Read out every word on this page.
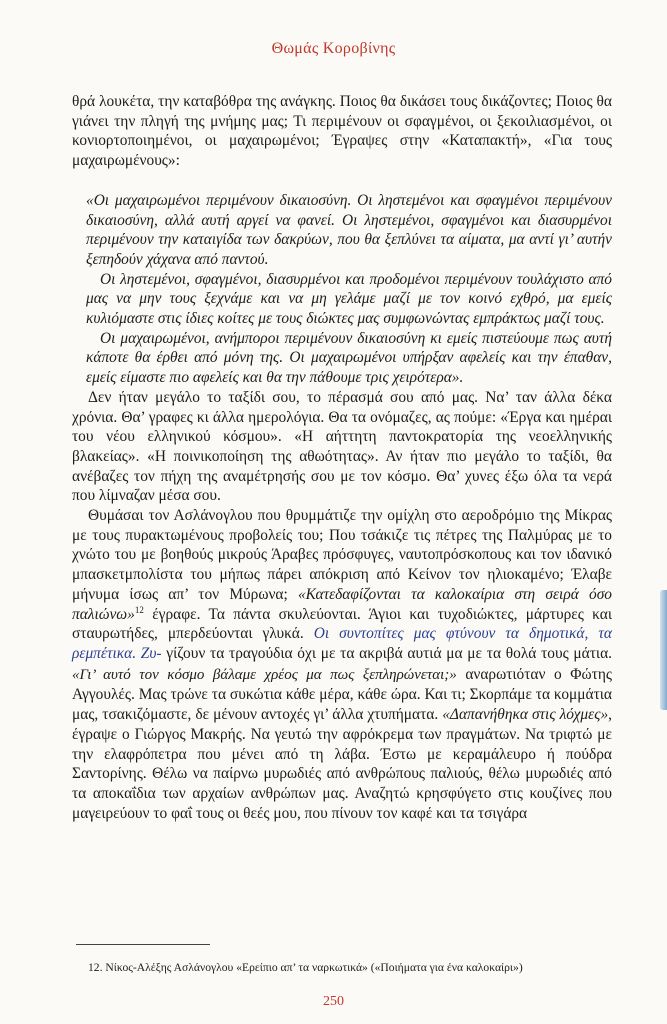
Θωμάς Κοροβίνης

θρά λουκέτα, την καταβόθρα της ανάγκης. Ποιος θα δικάσει τους δικάζοντες; Ποιος θα γιάνει την πληγή της μνήμης μας; Τι περιμένουν οι σφαγμένοι, οι ξεκοιλιασμένοι, οι κονιορτοποιημένοι, οι μαχαιρωμένοι; Έγραψες στην «Καταπακτή», «Για τους μαχαιρωμένους»:

«Οι μαχαιρωμένοι περιμένουν δικαιοσύνη. Οι ληστεμένοι και σφαγμένοι περιμένουν δικαιοσύνη, αλλά αυτή αργεί να φανεί. Οι ληστεμένοι, σφαγμένοι και διασυρμένοι περιμένουν την καταιγίδα των δακρύων, που θα ξεπλύνει τα αίματα, μα αντί γι’ αυτήν ξεπηδούν χάχανα από παντού.

Οι ληστεμένοι, σφαγμένοι, διασυρμένοι και προδομένοι περιμένουν τουλάχιστο από μας να μην τους ξεχνάμε και να μη γελάμε μαζί με τον κοινό εχθρό, μα εμείς κυλιόμαστε στις ίδιες κοίτες με τους διώκτες μας συμφωνώντας εμπράκτως μαζί τους.

Οι μαχαιρωμένοι, ανήμποροι περιμένουν δικαιοσύνη κι εμείς πιστεύουμε πως αυτή κάποτε θα έρθει από μόνη της. Οι μαχαιρωμένοι υπήρξαν αφελείς και την έπαθαν, εμείς είμαστε πιο αφελείς και θα την πάθουμε τρις χειρότερα».

Δεν ήταν μεγάλο το ταξίδι σου, το πέρασμά σου από μας. Να’ ταν άλλα δέκα χρόνια. Θα’ γραφες κι άλλα ημερολόγια. Θα τα ονόμαζες, ας πούμε: «Έργα και ημέραι του νέου ελληνικού κόσμου». «Η αήττητη παντοκρατορία της νεοελληνικής βλακείας». «Η ποινικοποίηση της αθωότητας». Αν ήταν πιο μεγάλο το ταξίδι, θα ανέβαζες τον πήχη της αναμέτρησής σου με τον κόσμο. Θα’ χυνες έξω όλα τα νερά που λίμναζαν μέσα σου.

Θυμάσαι τον Ασλάνογλου που θρυμμάτιζε την ομίχλη στο αεροδρόμιο της Μίκρας με τους πυρακτωμένους προβολείς του; Που τσάκιζε τις πέτρες της Παλμύρας με το χνώτο του με βοηθούς μικρούς Άραβες πρόσφυγες, ναυτοπρόσκοπους και τον ιδανικό μπασκετμπολίστα του μήπως πάρει απόκριση από Κείνον τον ηλιοκαμένο; Έλαβε μήνυμα ίσως απ’ τον Μύρωνα; «Κατεδαφίζονται τα καλοκαίρια στη σειρά όσο παλιώνω»$^{12}$ έγραφε. Τα πάντα σκυλεύονται. Άγιοι και τυχοδιώκτες, μάρτυρες και σταυρωτήδες, μπερδεύονται γλυκά. Οι συντοπίτες μας φτύνουν τα δημοτικά, τα ρεμπέτικα. Ζυ- γίζουν τα τραγούδια όχι με τα ακριβά αυτιά μα με τα θολά τους μάτια. «Γι’ αυτό τον κόσμο βάλαμε χρέος μα πως ξεπληρώνεται;» αναρωτιόταν ο Φώτης Αγγουλές. Μας τρώνε τα συκώτια κάθε μέρα, κάθε ώρα. Και τι; Σκορπάμε τα κομμάτια μας, τσακιζόμαστε, δε μένουν αντοχές γι’ άλλα χτυπήματα. «Δαπανήθηκα στις λόχμες», έγραψε ο Γιώργος Μακρής. Να γευτώ την αφρόκρεμα των πραγμάτων. Να τριφτώ με την ελαφρόπετρα που μένει από τη λάβα. Έστω με κεραμάλευρο ή πούδρα Σαντορίνης. Θέλω να παίρνω μυρωδιές από ανθρώπους παλιούς, θέλω μυρωδιές από τα αποκαΐδια των αρχαίων ανθρώπων μας. Αναζητώ κρησφύγετο στις κουζίνες που μαγειρεύουν το φαΐ τους οι θεές μου, που πίνουν τον καφέ και τα τσιγάρα

12. Νίκος-Αλέξης Ασλάνογλου «Ερείπιο απ’ τα ναρκωτικά» («Ποιήματα για ένα καλοκαίρι»)
250
